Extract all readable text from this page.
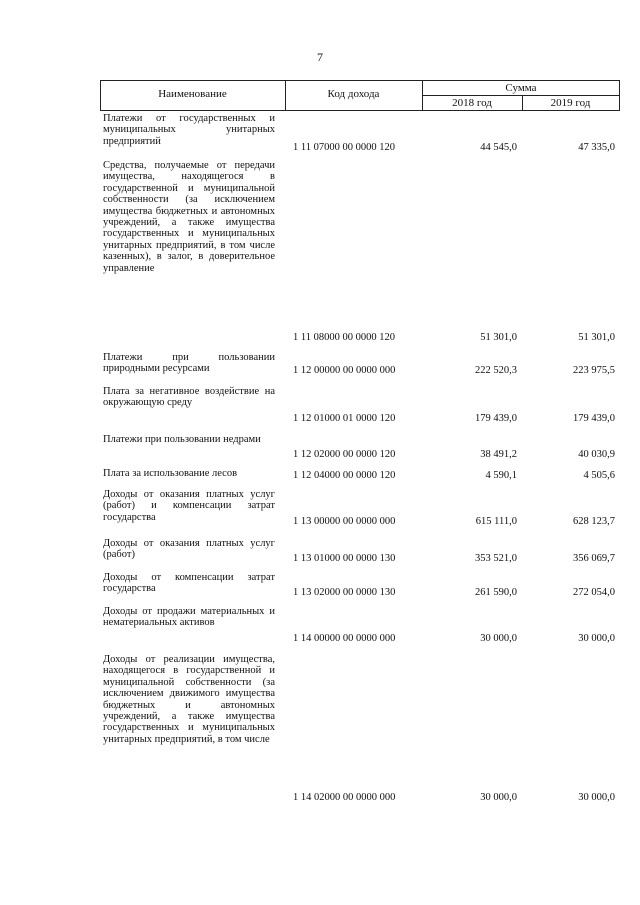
7
Наименование	Код дохода	Сумма
2018 год	2019 год
Платежи от государственных и муниципальных унитарных предприятий
1 11 07000 00 0000 120	44 545,0	47 335,0
Средства, получаемые от передачи имущества, находящегося в государственной и муниципальной собственности (за исключением имущества бюджетных и автономных учреждений, а также имущества государственных и муниципальных унитарных предприятий, в том числе казенных), в залог, в доверительное управление
1 11 08000 00 0000 120	51 301,0	51 301,0
Платежи при пользовании природными ресурсами	1 12 00000 00 0000 000	222 520,3	223 975,5
Плата за негативное воздействие на окружающую среду
1 12 01000 01 0000 120	179 439,0	179 439,0
Платежи при пользовании недрами
1 12 02000 00 0000 120	38 491,2	40 030,9
Плата за использование лесов	1 12 04000 00 0000 120	4 590,1	4 505,6
Доходы от оказания платных услуг (работ) и компенсации затрат государства	1 13 00000 00 0000 000	615 111,0	628 123,7
Доходы от оказания платных услуг (работ)	1 13 01000 00 0000 130	353 521,0	356 069,7
Доходы от компенсации затрат государства	1 13 02000 00 0000 130	261 590,0	272 054,0
Доходы от продажи материальных и нематериальных активов
1 14 00000 00 0000 000	30 000,0	30 000,0
Доходы от реализации имущества, находящегося в государственной и муниципальной собственности (за исключением движимого имущества бюджетных и автономных учреждений, а также имущества государственных и муниципальных унитарных предприятий, в том числе
1 14 02000 00 0000 000	30 000,0	30 000,0
